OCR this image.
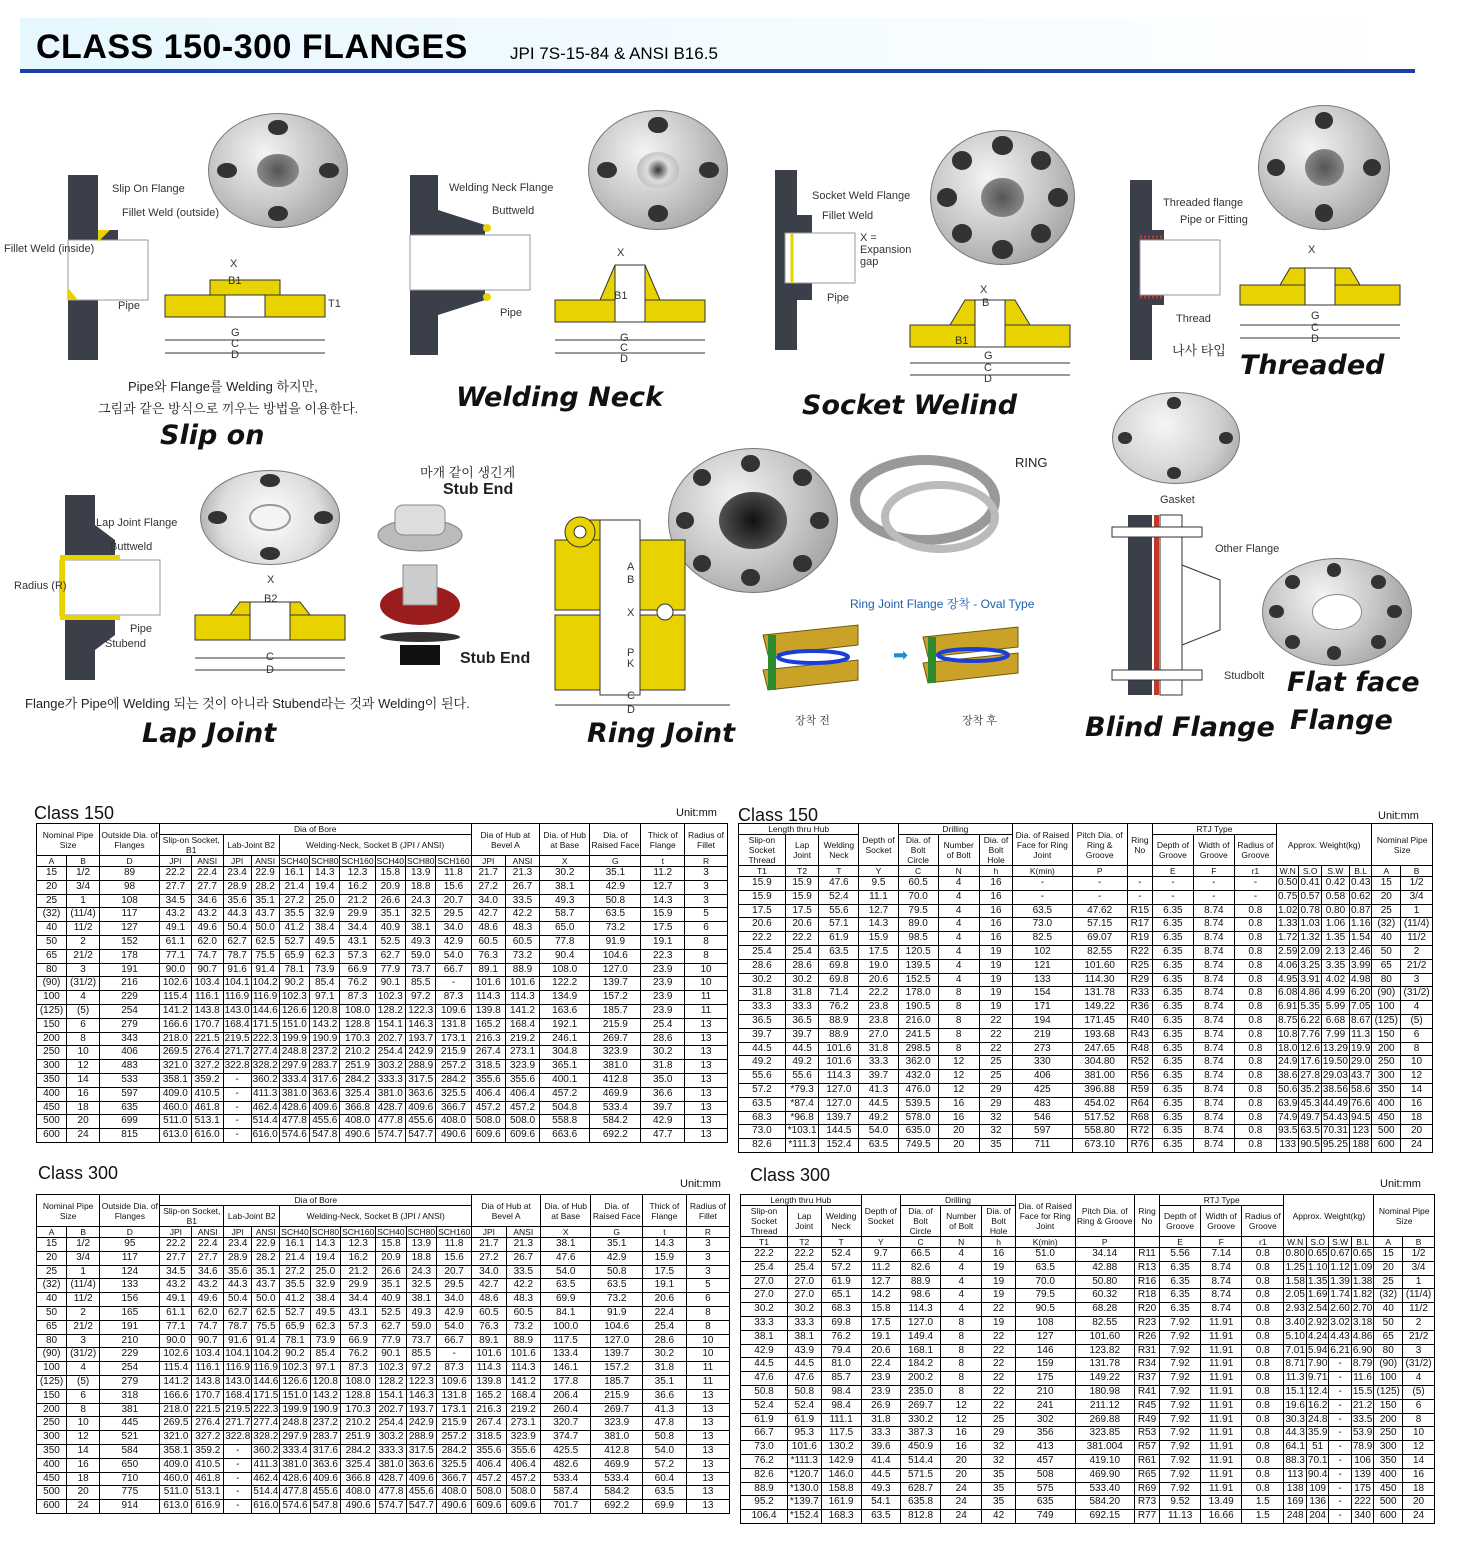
CLASS 150-300 FLANGES JPI 7S-15-84 & ANSI B16.5
Slip On Flange
Fillet Weld (outside)
Fillet Weld (inside)
Pipe
X
B1
T1
G
C
D
Pipe와 Flange를 Welding 하지만,
그림과 같은 방식으로 끼우는 방법을 이용한다.
Slip on
Welding Neck Flange
Buttweld
Pipe
X
B1
G
C
D
Welding Neck
Socket Weld Flange
Fillet Weld
X = Expansion gap
Pipe
X
B
B1
G
C
D
Socket Welind
Threaded flange
Pipe or Fitting
Thread
나사 타입
X
G
C
D
Threaded
Lap Joint Flange
Buttweld
Radius (R)
Pipe
Stubend
X
B2
C
D
마개 같이 생긴게
Stub End
Stub End
Flange가 Pipe에 Welding 되는 것이 아니라 Stubend라는 것과 Welding이 된다.
Lap Joint
RING
A
B
X
P
K
C
D
Ring Joint Flange 장착 - Oval Type
➡
장착 전	장착 후
Ring Joint
Gasket
Other Flange
Studbolt
Blind Flange
Flat face
Flange
Class 150	Unit:mm Class 150	Unit:mm
Class 300
Unit:mm Class 300	Unit:mm
Nominal Pipe Size		Outside Dia. of Flanges	Dia of Bore										Dia of Hub at Bevel A		Dia. of Hub at Base	Dia. of Raised Face	Thick of Flange	Radius of Fillet
			Slip-on Socket, B1		Lab-Joint B2		Welding-Neck, Socket B (JPI / ANSI)											
A	B	D	JPI	ANSI	JPI	ANSI	SCH40	SCH80	SCH160	SCH40	SCH80	SCH160	JPI	ANSI	X	G	t	R
15	1/2	89	22.2	22.4	23.4	22.9	16.1	14.3	12.3	15.8	13.9	11.8	21.7	21.3	30.2	35.1	11.2	3
20	3/4	98	27.7	27.7	28.9	28.2	21.4	19.4	16.2	20.9	18.8	15.6	27.2	26.7	38.1	42.9	12.7	3
25	1	108	34.5	34.6	35.6	35.1	27.2	25.0	21.2	26.6	24.3	20.7	34.0	33.5	49.3	50.8	14.3	3
(32)	(11/4)	117	43.2	43.2	44.3	43.7	35.5	32.9	29.9	35.1	32.5	29.5	42.7	42.2	58.7	63.5	15.9	5
40	11/2	127	49.1	49.6	50.4	50.0	41.2	38.4	34.4	40.9	38.1	34.0	48.6	48.3	65.0	73.2	17.5	6
50	2	152	61.1	62.0	62.7	62.5	52.7	49.5	43.1	52.5	49.3	42.9	60.5	60.5	77.8	91.9	19.1	8
65	21/2	178	77.1	74.7	78.7	75.5	65.9	62.3	57.3	62.7	59.0	54.0	76.3	73.2	90.4	104.6	22.3	8
80	3	191	90.0	90.7	91.6	91.4	78.1	73.9	66.9	77.9	73.7	66.7	89.1	88.9	108.0	127.0	23.9	10
(90)	(31/2)	216	102.6	103.4	104.1	104.2	90.2	85.4	76.2	90.1	85.5	-	101.6	101.6	122.2	139.7	23.9	10
100	4	229	115.4	116.1	116.9	116.9	102.3	97.1	87.3	102.3	97.2	87.3	114.3	114.3	134.9	157.2	23.9	11
(125)	(5)	254	141.2	143.8	143.0	144.6	126.6	120.8	108.0	128.2	122.3	109.6	139.8	141.2	163.6	185.7	23.9	11
150	6	279	166.6	170.7	168.4	171.5	151.0	143.2	128.8	154.1	146.3	131.8	165.2	168.4	192.1	215.9	25.4	13
200	8	343	218.0	221.5	219.5	222.3	199.9	190.9	170.3	202.7	193.7	173.1	216.3	219.2	246.1	269.7	28.6	13
250	10	406	269.5	276.4	271.7	277.4	248.8	237.2	210.2	254.4	242.9	215.9	267.4	273.1	304.8	323.9	30.2	13
300	12	483	321.0	327.2	322.8	328.2	297.9	283.7	251.9	303.2	288.9	257.2	318.5	323.9	365.1	381.0	31.8	13
350	14	533	358.1	359.2	-	360.2	333.4	317.6	284.2	333.3	317.5	284.2	355.6	355.6	400.1	412.8	35.0	13
400	16	597	409.0	410.5	-	411.3	381.0	363.6	325.4	381.0	363.6	325.5	406.4	406.4	457.2	469.9	36.6	13
450	18	635	460.0	461.8	-	462.4	428.6	409.6	366.8	428.7	409.6	366.7	457.2	457.2	504.8	533.4	39.7	13
500	20	699	511.0	513.1	-	514.4	477.8	455.6	408.0	477.8	455.6	408.0	508.0	508.0	558.8	584.2	42.9	13
600	24	815	613.0	616.0	-	616.0	574.6	547.8	490.6	574.7	547.7	490.6	609.6	609.6	663.6	692.2	47.7	13
Length thru Hub			Depth of Socket	Drilling			Dia. of Raised Face for Ring Joint	Pitch Dia. of Ring & Groove	Ring No	RTJ Type			Approx. Weight(kg)				Nominal Pipe Size	
Slip-on Socket Thread	Lap Joint	Welding Neck		Dia. of Bolt Circle	Number of Bolt	Dia. of Bolt Hole				Depth of Groove	Width of Groove	Radius of Groove						
T1	T2	T	Y	C	N	h	K(min)	P		E	F	r1	W.N	S.O	S.W	B.L	A	B
15.9	15.9	47.6	9.5	60.5	4	16	-	-	-	-	-	-	0.50	0.41	0.42	0.43	15	1/2
15.9	15.9	52.4	11.1	70.0	4	16	-	-	-	-	-	-	0.75	0.57	0.58	0.62	20	3/4
17.5	17.5	55.6	12.7	79.5	4	16	63.5	47.62	R15	6.35	8.74	0.8	1.02	0.78	0.80	0.87	25	1
20.6	20.6	57.1	14.3	89.0	4	16	73.0	57.15	R17	6.35	8.74	0.8	1.33	1.03	1.06	1.16	(32)	(11/4)
22.2	22.2	61.9	15.9	98.5	4	16	82.5	69.07	R19	6.35	8.74	0.8	1.72	1.32	1.35	1.54	40	11/2
25.4	25.4	63.5	17.5	120.5	4	19	102	82.55	R22	6.35	8.74	0.8	2.59	2.09	2.13	2.46	50	2
28.6	28.6	69.8	19.0	139.5	4	19	121	101.60	R25	6.35	8.74	0.8	4.06	3.25	3.35	3.99	65	21/2
30.2	30.2	69.8	20.6	152.5	4	19	133	114.30	R29	6.35	8.74	0.8	4.95	3.91	4.02	4.98	80	3
31.8	31.8	71.4	22.2	178.0	8	19	154	131.78	R33	6.35	8.74	0.8	6.08	4.86	4.99	6.20	(90)	(31/2)
33.3	33.3	76.2	23.8	190.5	8	19	171	149.22	R36	6.35	8.74	0.8	6.91	5.35	5.99	7.05	100	4
36.5	36.5	88.9	23.8	216.0	8	22	194	171.45	R40	6.35	8.74	0.8	8.75	6.22	6.68	8.67	(125)	(5)
39.7	39.7	88.9	27.0	241.5	8	22	219	193.68	R43	6.35	8.74	0.8	10.8	7.76	7.99	11.3	150	6
44.5	44.5	101.6	31.8	298.5	8	22	273	247.65	R48	6.35	8.74	0.8	18.0	12.6	13.29	19.9	200	8
49.2	49.2	101.6	33.3	362.0	12	25	330	304.80	R52	6.35	8.74	0.8	24.9	17.6	19.50	29.0	250	10
55.6	55.6	114.3	39.7	432.0	12	25	406	381.00	R56	6.35	8.74	0.8	38.6	27.8	29.03	43.7	300	12
57.2	*79.3	127.0	41.3	476.0	12	29	425	396.88	R59	6.35	8.74	0.8	50.6	35.2	38.56	58.6	350	14
63.5	*87.4	127.0	44.5	539.5	16	29	483	454.02	R64	6.35	8.74	0.8	63.9	45.3	44.49	76.6	400	16
68.3	*96.8	139.7	49.2	578.0	16	32	546	517.52	R68	6.35	8.74	0.8	74.9	49.7	54.43	94.5	450	18
73.0	*103.1	144.5	54.0	635.0	20	32	597	558.80	R72	6.35	8.74	0.8	93.5	63.5	70.31	123	500	20
82.6	*111.3	152.4	63.5	749.5	20	35	711	673.10	R76	6.35	8.74	0.8	133	90.5	95.25	188	600	24
Nominal Pipe Size		Outside Dia. of Flanges	Dia of Bore										Dia of Hub at Bevel A		Dia. of Hub at Base	Dia. of Raised Face	Thick of Flange	Radius of Fillet
			Slip-on Socket, B1		Lab-Joint B2		Welding-Neck, Socket B (JPI / ANSI)											
A	B	D	JPI	ANSI	JPI	ANSI	SCH40	SCH80	SCH160	SCH40	SCH80	SCH160	JPI	ANSI	X	G	t	R
15	1/2	95	22.2	22.4	23.4	22.9	16.1	14.3	12.3	15.8	13.9	11.8	21.7	21.3	38.1	35.1	14.3	3
20	3/4	117	27.7	27.7	28.9	28.2	21.4	19.4	16.2	20.9	18.8	15.6	27.2	26.7	47.6	42.9	15.9	3
25	1	124	34.5	34.6	35.6	35.1	27.2	25.0	21.2	26.6	24.3	20.7	34.0	33.5	54.0	50.8	17.5	3
(32)	(11/4)	133	43.2	43.2	44.3	43.7	35.5	32.9	29.9	35.1	32.5	29.5	42.7	42.2	63.5	63.5	19.1	5
40	11/2	156	49.1	49.6	50.4	50.0	41.2	38.4	34.4	40.9	38.1	34.0	48.6	48.3	69.9	73.2	20.6	6
50	2	165	61.1	62.0	62.7	62.5	52.7	49.5	43.1	52.5	49.3	42.9	60.5	60.5	84.1	91.9	22.4	8
65	21/2	191	77.1	74.7	78.7	75.5	65.9	62.3	57.3	62.7	59.0	54.0	76.3	73.2	100.0	104.6	25.4	8
80	3	210	90.0	90.7	91.6	91.4	78.1	73.9	66.9	77.9	73.7	66.7	89.1	88.9	117.5	127.0	28.6	10
(90)	(31/2)	229	102.6	103.4	104.1	104.2	90.2	85.4	76.2	90.1	85.5	-	101.6	101.6	133.4	139.7	30.2	10
100	4	254	115.4	116.1	116.9	116.9	102.3	97.1	87.3	102.3	97.2	87.3	114.3	114.3	146.1	157.2	31.8	11
(125)	(5)	279	141.2	143.8	143.0	144.6	126.6	120.8	108.0	128.2	122.3	109.6	139.8	141.2	177.8	185.7	35.1	11
150	6	318	166.6	170.7	168.4	171.5	151.0	143.2	128.8	154.1	146.3	131.8	165.2	168.4	206.4	215.9	36.6	13
200	8	381	218.0	221.5	219.5	222.3	199.9	190.9	170.3	202.7	193.7	173.1	216.3	219.2	260.4	269.7	41.3	13
250	10	445	269.5	276.4	271.7	277.4	248.8	237.2	210.2	254.4	242.9	215.9	267.4	273.1	320.7	323.9	47.8	13
300	12	521	321.0	327.2	322.8	328.2	297.9	283.7	251.9	303.2	288.9	257.2	318.5	323.9	374.7	381.0	50.8	13
350	14	584	358.1	359.2	-	360.2	333.4	317.6	284.2	333.3	317.5	284.2	355.6	355.6	425.5	412.8	54.0	13
400	16	650	409.0	410.5	-	411.3	381.0	363.6	325.4	381.0	363.6	325.5	406.4	406.4	482.6	469.9	57.2	13
450	18	710	460.0	461.8	-	462.4	428.6	409.6	366.8	428.7	409.6	366.7	457.2	457.2	533.4	533.4	60.4	13
500	20	775	511.0	513.1	-	514.4	477.8	455.6	408.0	477.8	455.6	408.0	508.0	508.0	587.4	584.2	63.5	13
600	24	914	613.0	616.9	-	616.0	574.6	547.8	490.6	574.7	547.7	490.6	609.6	609.6	701.7	692.2	69.9	13
Length thru Hub			Depth of Socket	Drilling			Dia. of Raised Face for Ring Joint	Pitch Dia. of Ring & Groove	Ring No	RTJ Type			Approx. Weight(kg)				Nominal Pipe Size	
Slip-on Socket Thread	Lap Joint	Welding Neck		Dia. of Bolt Circle	Number of Bolt	Dia. of Bolt Hole				Depth of Groove	Width of Groove	Radius of Groove						
T1	T2	T	Y	C	N	h	K(min)	P		E	F	r1	W.N	S.O	S.W	B.L	A	B
22.2	22.2	52.4	9.7	66.5	4	16	51.0	34.14	R11	5.56	7.14	0.8	0.80	0.65	0.67	0.65	15	1/2
25.4	25.4	57.2	11.2	82.6	4	19	63.5	42.88	R13	6.35	8.74	0.8	1.25	1.10	1.12	1.09	20	3/4
27.0	27.0	61.9	12.7	88.9	4	19	70.0	50.80	R16	6.35	8.74	0.8	1.58	1.35	1.39	1.38	25	1
27.0	27.0	65.1	14.2	98.6	4	19	79.5	60.32	R18	6.35	8.74	0.8	2.05	1.69	1.74	1.82	(32)	(11/4)
30.2	30.2	68.3	15.8	114.3	4	22	90.5	68.28	R20	6.35	8.74	0.8	2.93	2.54	2.60	2.70	40	11/2
33.3	33.3	69.8	17.5	127.0	8	19	108	82.55	R23	7.92	11.91	0.8	3.40	2.92	3.02	3.18	50	2
38.1	38.1	76.2	19.1	149.4	8	22	127	101.60	R26	7.92	11.91	0.8	5.10	4.24	4.43	4.86	65	21/2
42.9	43.9	79.4	20.6	168.1	8	22	146	123.82	R31	7.92	11.91	0.8	7.01	5.94	6.21	6.90	80	3
44.5	44.5	81.0	22.4	184.2	8	22	159	131.78	R34	7.92	11.91	0.8	8.71	7.90	-	8.79	(90)	(31/2)
47.6	47.6	85.7	23.9	200.2	8	22	175	149.22	R37	7.92	11.91	0.8	11.3	9.71	-	11.6	100	4
50.8	50.8	98.4	23.9	235.0	8	22	210	180.98	R41	7.92	11.91	0.8	15.1	12.4	-	15.5	(125)	(5)
52.4	52.4	98.4	26.9	269.7	12	22	241	211.12	R45	7.92	11.91	0.8	19.6	16.2	-	21.2	150	6
61.9	61.9	111.1	31.8	330.2	12	25	302	269.88	R49	7.92	11.91	0.8	30.3	24.8	-	33.5	200	8
66.7	95.3	117.5	33.3	387.3	16	29	356	323.85	R53	7.92	11.91	0.8	44.3	35.9	-	53.9	250	10
73.0	101.6	130.2	39.6	450.9	16	32	413	381.004	R57	7.92	11.91	0.8	64.1	51	-	78.9	300	12
76.2	*111.3	142.9	41.4	514.4	20	32	457	419.10	R61	7.92	11.91	0.8	88.3	70.1	-	106	350	14
82.6	*120.7	146.0	44.5	571.5	20	35	508	469.90	R65	7.92	11.91	0.8	113	90.4	-	139	400	16
88.9	*130.0	158.8	49.3	628.7	24	35	575	533.40	R69	7.92	11.91	0.8	138	109	-	175	450	18
95.2	*139.7	161.9	54.1	635.8	24	35	635	584.20	R73	9.52	13.49	1.5	169	136	-	222	500	20
106.4	*152.4	168.3	63.5	812.8	24	42	749	692.15	R77	11.13	16.66	1.5	248	204	-	340	600	24
